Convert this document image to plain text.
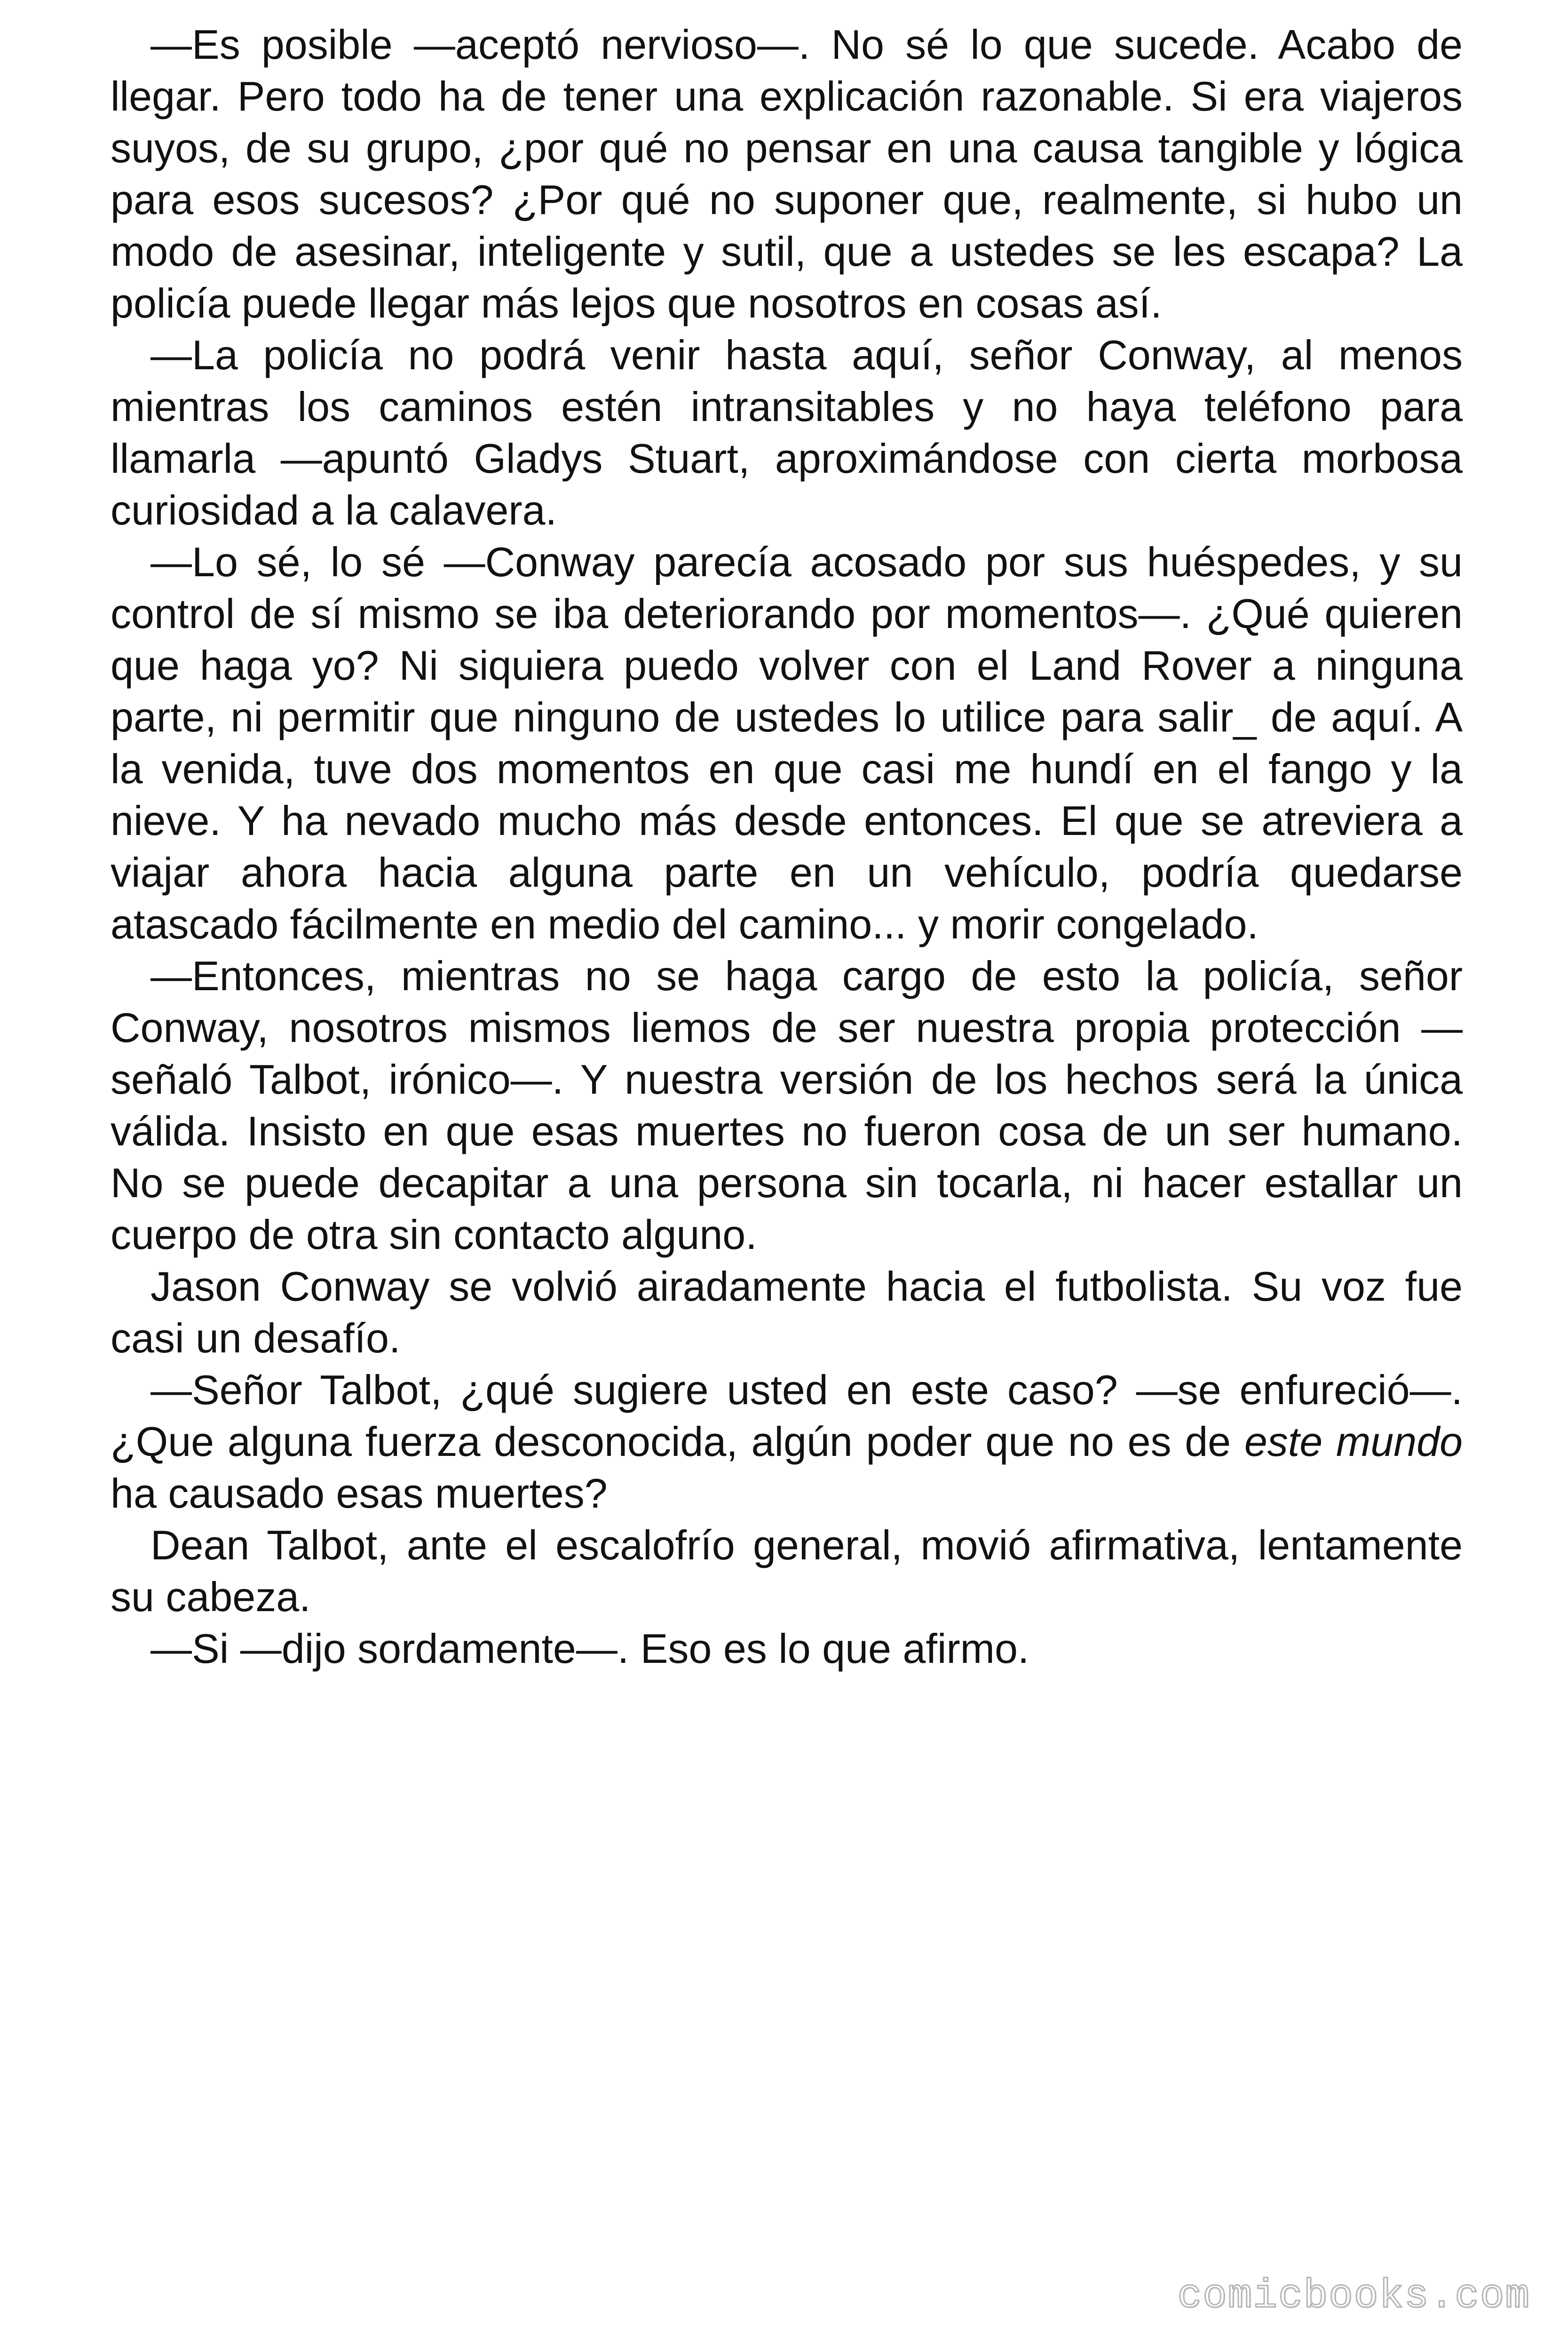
—Es posible —aceptó nervioso—. No sé lo que sucede. Acabo de llegar. Pero todo ha de tener una explicación razonable. Si era viajeros suyos, de su grupo, ¿por qué no pensar en una causa tangible y lógica para esos sucesos? ¿Por qué no suponer que, realmente, si hubo un modo de asesinar, inteligente y sutil, que a ustedes se les escapa? La policía puede llegar más lejos que nosotros en cosas así.

—La policía no podrá venir hasta aquí, señor Conway, al menos mientras los caminos estén intransitables y no haya teléfono para llamarla —apuntó Gladys Stuart, aproximándose con cierta morbosa curiosidad a la calavera.

—Lo sé, lo sé —Conway parecía acosado por sus huéspedes, y su control de sí mismo se iba deteriorando por momentos—. ¿Qué quieren que haga yo? Ni siquiera puedo volver con el Land Rover a ninguna parte, ni permitir que ninguno de ustedes lo utilice para salir_ de aquí. A la venida, tuve dos momentos en que casi me hundí en el fango y la nieve. Y ha nevado mucho más desde entonces. El que se atreviera a viajar ahora hacia alguna parte en un vehículo, podría quedarse atascado fácilmente en medio del camino... y morir congelado.

—Entonces, mientras no se haga cargo de esto la policía, señor Conway, nosotros mismos liemos de ser nuestra propia protección —señaló Talbot, irónico—. Y nuestra versión de los hechos será la única válida. Insisto en que esas muertes no fueron cosa de un ser humano. No se puede decapitar a una persona sin tocarla, ni hacer estallar un cuerpo de otra sin contacto alguno.

Jason Conway se volvió airadamente hacia el futbolista. Su voz fue casi un desafío.

—Señor Talbot, ¿qué sugiere usted en este caso? —se enfureció—. ¿Que alguna fuerza desconocida, algún poder que no es de este mundo ha causado esas muertes?

Dean Talbot, ante el escalofrío general, movió afirmativa, lentamente su cabeza.

—Si —dijo sordamente—. Eso es lo que afirmo.

comicbooks.com
